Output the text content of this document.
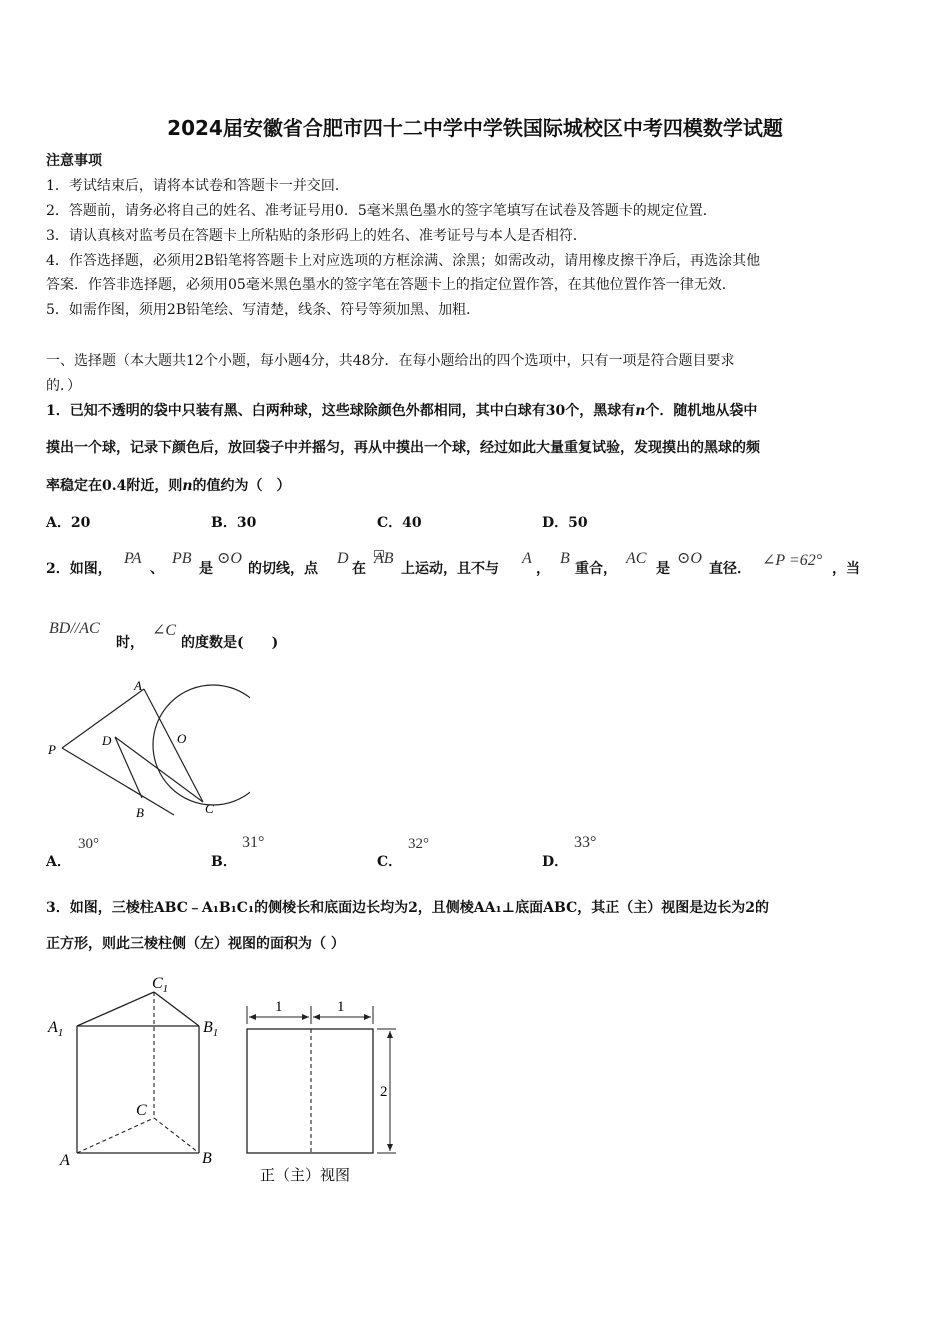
2024届安徽省合肥市四十二中学中学铁国际城校区中考四模数学试题
注意事项
1．考试结束后，请将本试卷和答题卡一并交回．
2．答题前，请务必将自己的姓名、准考证号用0．5毫米黑色墨水的签字笔填写在试卷及答题卡的规定位置．
3．请认真核对监考员在答题卡上所粘贴的条形码上的姓名、准考证号与本人是否相符．
4．作答选择题，必须用2B铅笔将答题卡上对应选项的方框涂满、涂黑；如需改动，请用橡皮擦干净后，再选涂其他
答案．作答非选择题，必须用05毫米黑色墨水的签字笔在答题卡上的指定位置作答，在其他位置作答一律无效．
5．如需作图，须用2B铅笔绘、写清楚，线条、符号等须加黑、加粗．
一、选择题（本大题共12个小题，每小题4分，共48分．在每小题给出的四个选项中，只有一项是符合题目要求
的．）
1．已知不透明的袋中只装有黑、白两种球，这些球除颜色外都相同，其中白球有30个，黑球有n个．随机地从袋中
摸出一个球，记录下颜色后，放回袋子中并摇匀，再从中摸出一个球，经过如此大量重复试验，发现摸出的黑球的频
率稳定在0.4附近，则n的值约为（　）
A．20	B．30	C．40	D．50
2．如图，
PA
、
PB
是
⊙O
的切线，点
D
在
AB
上运动，且不与
A
，
B
重合，
AC
是
⊙O
直径． ∠P =62° ，当
BD//AC
时，
∠C
的度数是(　　)
A
D	O
P
B	C
A．
30°
B．
31°
C．
32°
D．
33°
3．如图，三棱柱ABC﹣A₁B₁C₁的侧棱长和底面边长均为2，且侧棱AA₁⊥底面ABC，其正（主）视图是边长为2的
正方形，则此三棱柱侧（左）视图的面积为（ ）
$C_1$
$A_1$	$B_1$
C
A	B
1	1
2
正（主）视图
